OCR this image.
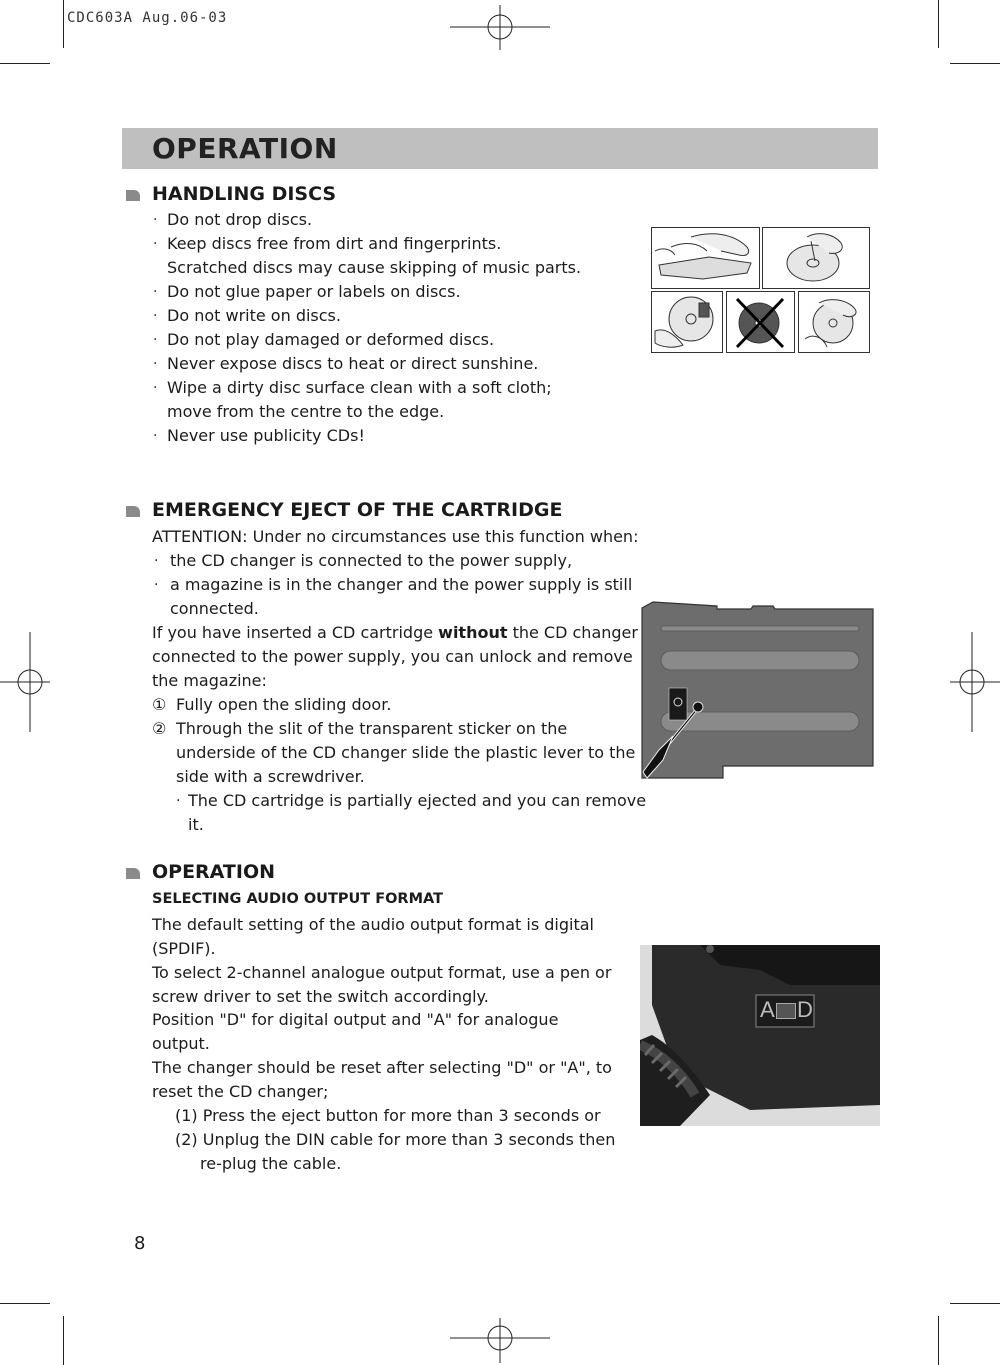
CDC603A Aug.06-03
OPERATION
HANDLING DISCS
· Do not drop discs.
· Keep discs free from dirt and fingerprints.
Scratched discs may cause skipping of music parts.
· Do not glue paper or labels on discs.
· Do not write on discs.
· Do not play damaged or deformed discs.
· Never expose discs to heat or direct sunshine.
· Wipe a dirty disc surface clean with a soft cloth;
move from the centre to the edge.
· Never use publicity CDs!
EMERGENCY EJECT OF THE CARTRIDGE
ATTENTION: Under no circumstances use this function when:
· the CD changer is connected to the power supply,
· a magazine is in the changer and the power supply is still
connected.
If you have inserted a CD cartridge without the CD changer
connected to the power supply, you can unlock and remove
the magazine:
① Fully open the sliding door.
② Through the slit of the transparent sticker on the
underside of the CD changer slide the plastic lever to the
side with a screwdriver.
· The CD cartridge is partially ejected and you can remove
it.
OPERATION
SELECTING AUDIO OUTPUT FORMAT
The default setting of the audio output format is digital
(SPDIF).
To select 2-channel analogue output format, use a pen or
screw driver to set the switch accordingly.
Position "D" for digital output and "A" for analogue
output.
The changer should be reset after selecting "D" or "A", to
reset the CD changer;
(1) Press the eject button for more than 3 seconds or
(2) Unplug the DIN cable for more than 3 seconds then
re-plug the cable.
A D
8
